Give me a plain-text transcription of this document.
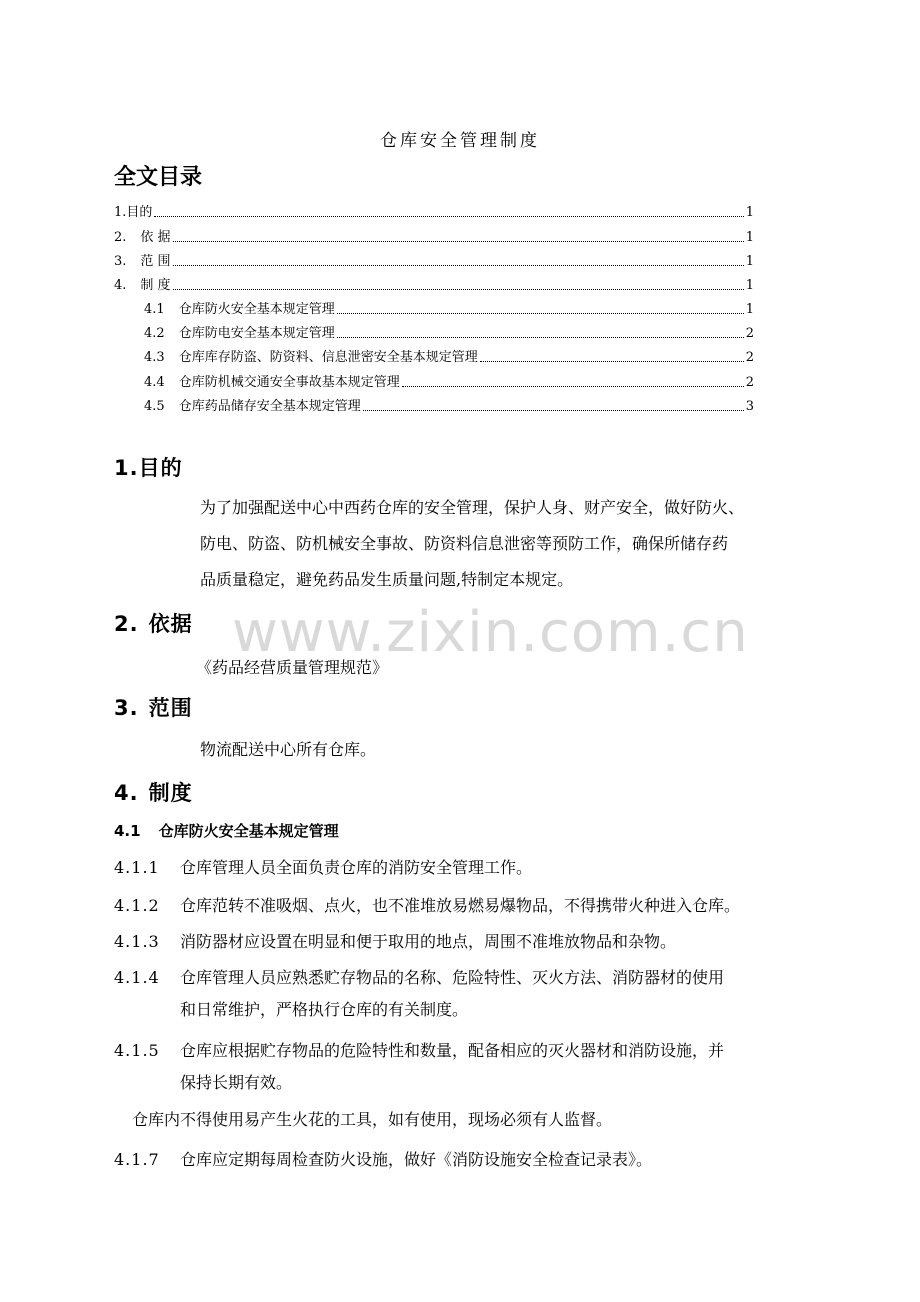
www.zixin.com.cn
仓库安全管理制度
全文目录
1. 目的	1
2. 依 据	1
3. 范 围	1
4. 制 度	1
4.1 仓库防火安全基本规定管理	1
4.2 仓库防电安全基本规定管理	2
4.3 仓库库存防盗、防资料、信息泄密安全基本规定管理	2
4.4 仓库防机械交通安全事故基本规定管理	2
4.5 仓库药品储存安全基本规定管理	3
1.目的
为了加强配送中心中西药仓库的安全管理，保护人身、财产安全，做好防火、
防电、防盗、防机械安全事故、防资料信息泄密等预防工作，确保所储存药
品质量稳定，避免药品发生质量问题,特制定本规定。
2. 依据
《药品经营质量管理规范》
3. 范围
物流配送中心所有仓库。
4. 制度
4.1 仓库防火安全基本规定管理
4.1.1	仓库管理人员全面负责仓库的消防安全管理工作。
4.1.2	仓库范转不准吸烟、点火，也不准堆放易燃易爆物品，不得携带火种进入仓库。
4.1.3	消防器材应设置在明显和便于取用的地点，周围不准堆放物品和杂物。
4.1.4	仓库管理人员应熟悉贮存物品的名称、危险特性、灭火方法、消防器材的使用
和日常维护，严格执行仓库的有关制度。
4.1.5	仓库应根据贮存物品的危险特性和数量，配备相应的灭火器材和消防设施，并
保持长期有效。
仓库内不得使用易产生火花的工具，如有使用，现场必须有人监督。
4.1.7	仓库应定期每周检查防火设施，做好《消防设施安全检查记录表》。
